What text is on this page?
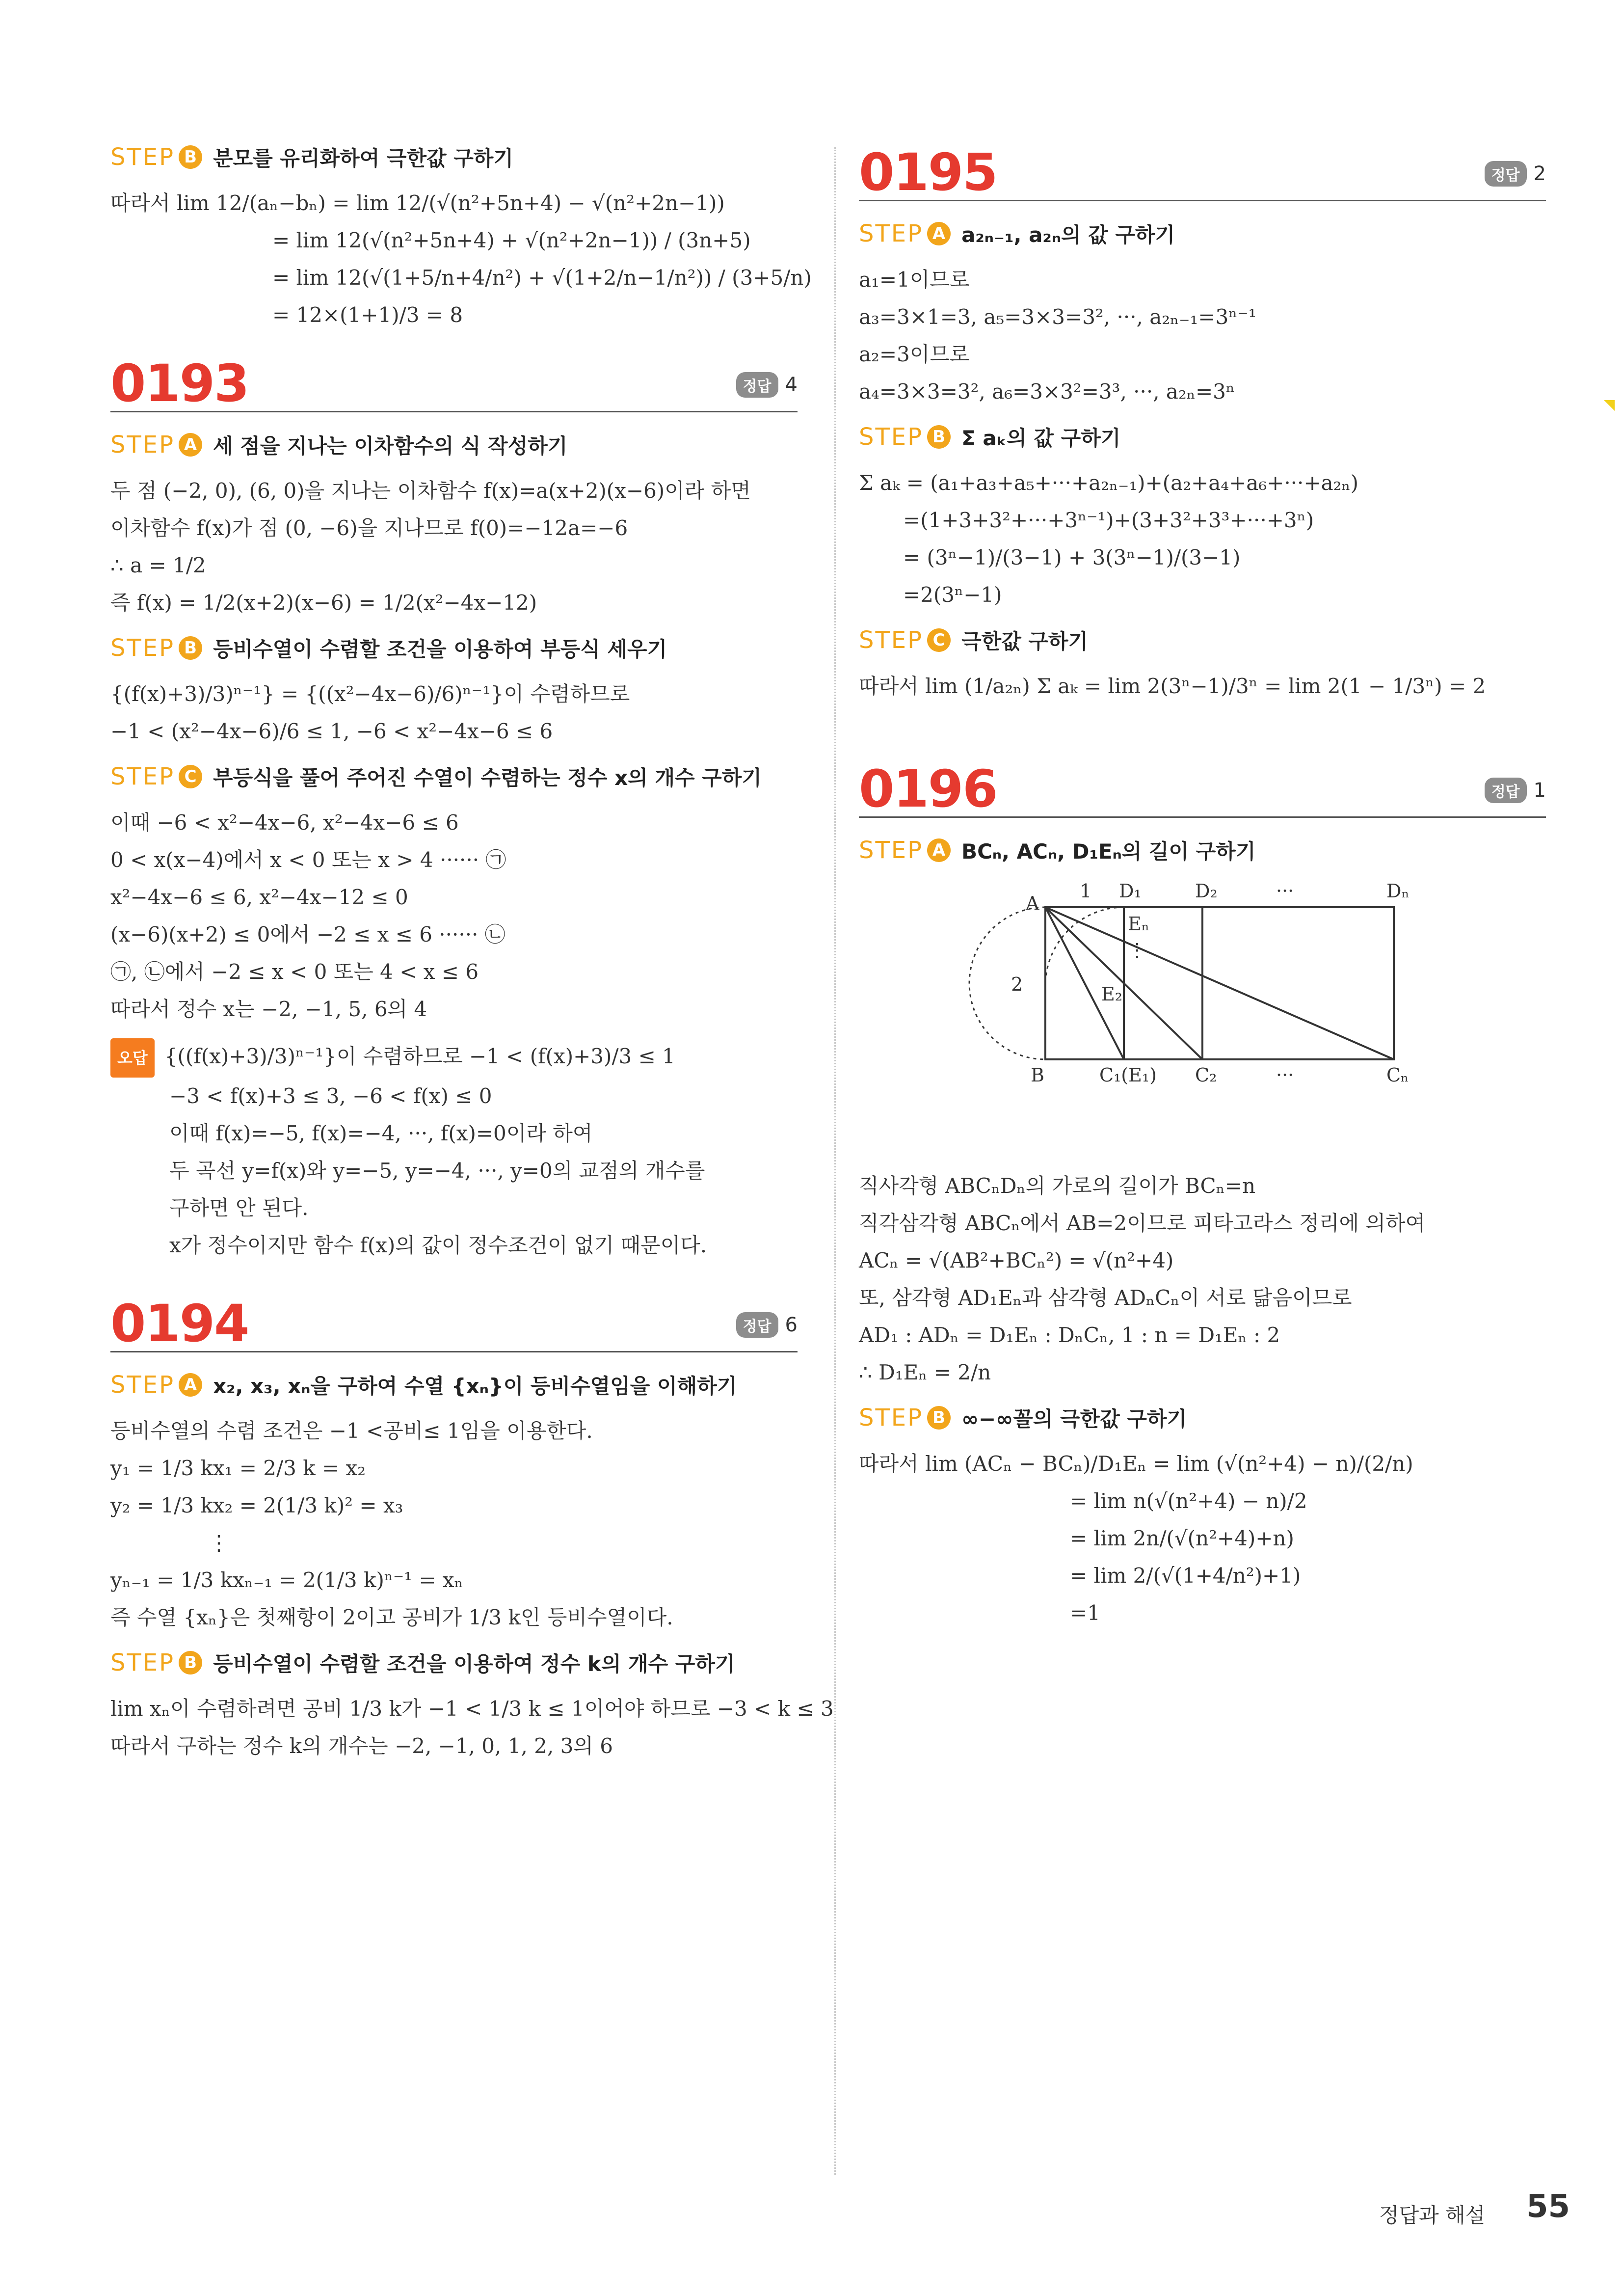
STEP B 분모를 유리화하여 극한값 구하기
따라서 lim 12/(aₙ−bₙ) = lim 12/(√(n²+5n+4) − √(n²+2n−1))
= lim 12(√(n²+5n+4) + √(n²+2n−1)) / (3n+5)
= lim 12(√(1+5/n+4/n²) + √(1+2/n−1/n²)) / (3+5/n)
= 12×(1+1)/3 = 8
0193	정답 4
STEP A 세 점을 지나는 이차함수의 식 작성하기
두 점 (−2, 0), (6, 0)을 지나는 이차함수 f(x)=a(x+2)(x−6)이라 하면
이차함수 f(x)가 점 (0, −6)을 지나므로 f(0)=−12a=−6
∴ a = 1/2
즉 f(x) = 1/2(x+2)(x−6) = 1/2(x²−4x−12)
STEP B 등비수열이 수렴할 조건을 이용하여 부등식 세우기
{(f(x)+3)/3)ⁿ⁻¹} = {((x²−4x−6)/6)ⁿ⁻¹}이 수렴하므로
−1 < (x²−4x−6)/6 ≤ 1, −6 < x²−4x−6 ≤ 6
STEP C 부등식을 풀어 주어진 수열이 수렴하는 정수 x의 개수 구하기
이때 −6 < x²−4x−6, x²−4x−6 ≤ 6
0 < x(x−4)에서 x < 0 또는 x > 4 ······ ㉠
x²−4x−6 ≤ 6, x²−4x−12 ≤ 0
(x−6)(x+2) ≤ 0에서 −2 ≤ x ≤ 6 ······ ㉡
㉠, ㉡에서 −2 ≤ x < 0 또는 4 < x ≤ 6
따라서 정수 x는 −2, −1, 5, 6의 4
오답 {((f(x)+3)/3)ⁿ⁻¹}이 수렴하므로 −1 < (f(x)+3)/3 ≤ 1
−3 < f(x)+3 ≤ 3, −6 < f(x) ≤ 0
이때 f(x)=−5, f(x)=−4, ···, f(x)=0이라 하여
두 곡선 y=f(x)와 y=−5, y=−4, ···, y=0의 교점의 개수를
구하면 안 된다.
x가 정수이지만 함수 f(x)의 값이 정수조건이 없기 때문이다.
0194	정답 6
STEP A x₂, x₃, xₙ을 구하여 수열 {xₙ}이 등비수열임을 이해하기
등비수열의 수렴 조건은 −1 <공비≤ 1임을 이용한다.
y₁ = 1/3 kx₁ = 2/3 k = x₂
y₂ = 1/3 kx₂ = 2(1/3 k)² = x₃
⋮
yₙ₋₁ = 1/3 kxₙ₋₁ = 2(1/3 k)ⁿ⁻¹ = xₙ
즉 수열 {xₙ}은 첫째항이 2이고 공비가 1/3 k인 등비수열이다.
STEP B 등비수열이 수렴할 조건을 이용하여 정수 k의 개수 구하기
lim xₙ이 수렴하려면 공비 1/3 k가 −1 < 1/3 k ≤ 1이어야 하므로 −3 < k ≤ 3
따라서 구하는 정수 k의 개수는 −2, −1, 0, 1, 2, 3의 6
0195	정답 2
STEP A a₂ₙ₋₁, a₂ₙ의 값 구하기
a₁=1이므로
a₃=3×1=3, a₅=3×3=3², ···, a₂ₙ₋₁=3ⁿ⁻¹
a₂=3이므로
a₄=3×3=3², a₆=3×3²=3³, ···, a₂ₙ=3ⁿ
STEP B Σ aₖ의 값 구하기
Σ aₖ = (a₁+a₃+a₅+···+a₂ₙ₋₁)+(a₂+a₄+a₆+···+a₂ₙ)
=(1+3+3²+···+3ⁿ⁻¹)+(3+3²+3³+···+3ⁿ)
= (3ⁿ−1)/(3−1) + 3(3ⁿ−1)/(3−1)
=2(3ⁿ−1)
STEP C 극한값 구하기
따라서 lim (1/a₂ₙ) Σ aₖ = lim 2(3ⁿ−1)/3ⁿ = lim 2(1 − 1/3ⁿ) = 2
0196	정답 1
STEP A BCₙ, ACₙ, D₁Eₙ의 길이 구하기
A
B
1
2
D₁	D₂	···	Dₙ
Eₙ
⋮
E₂
C₁(E₁) C₂	···	Cₙ
직사각형 ABCₙDₙ의 가로의 길이가 BCₙ=n
직각삼각형 ABCₙ에서 AB=2이므로 피타고라스 정리에 의하여
ACₙ = √(AB²+BCₙ²) = √(n²+4)
또, 삼각형 AD₁Eₙ과 삼각형 ADₙCₙ이 서로 닮음이므로
AD₁ : ADₙ = D₁Eₙ : DₙCₙ, 1 : n = D₁Eₙ : 2
∴ D₁Eₙ = 2/n
STEP B ∞−∞꼴의 극한값 구하기
따라서 lim (ACₙ − BCₙ)/D₁Eₙ = lim (√(n²+4) − n)/(2/n)
= lim n(√(n²+4) − n)/2
= lim 2n/(√(n²+4)+n)
= lim 2/(√(1+4/n²)+1)
=1
정답과 해설 55
